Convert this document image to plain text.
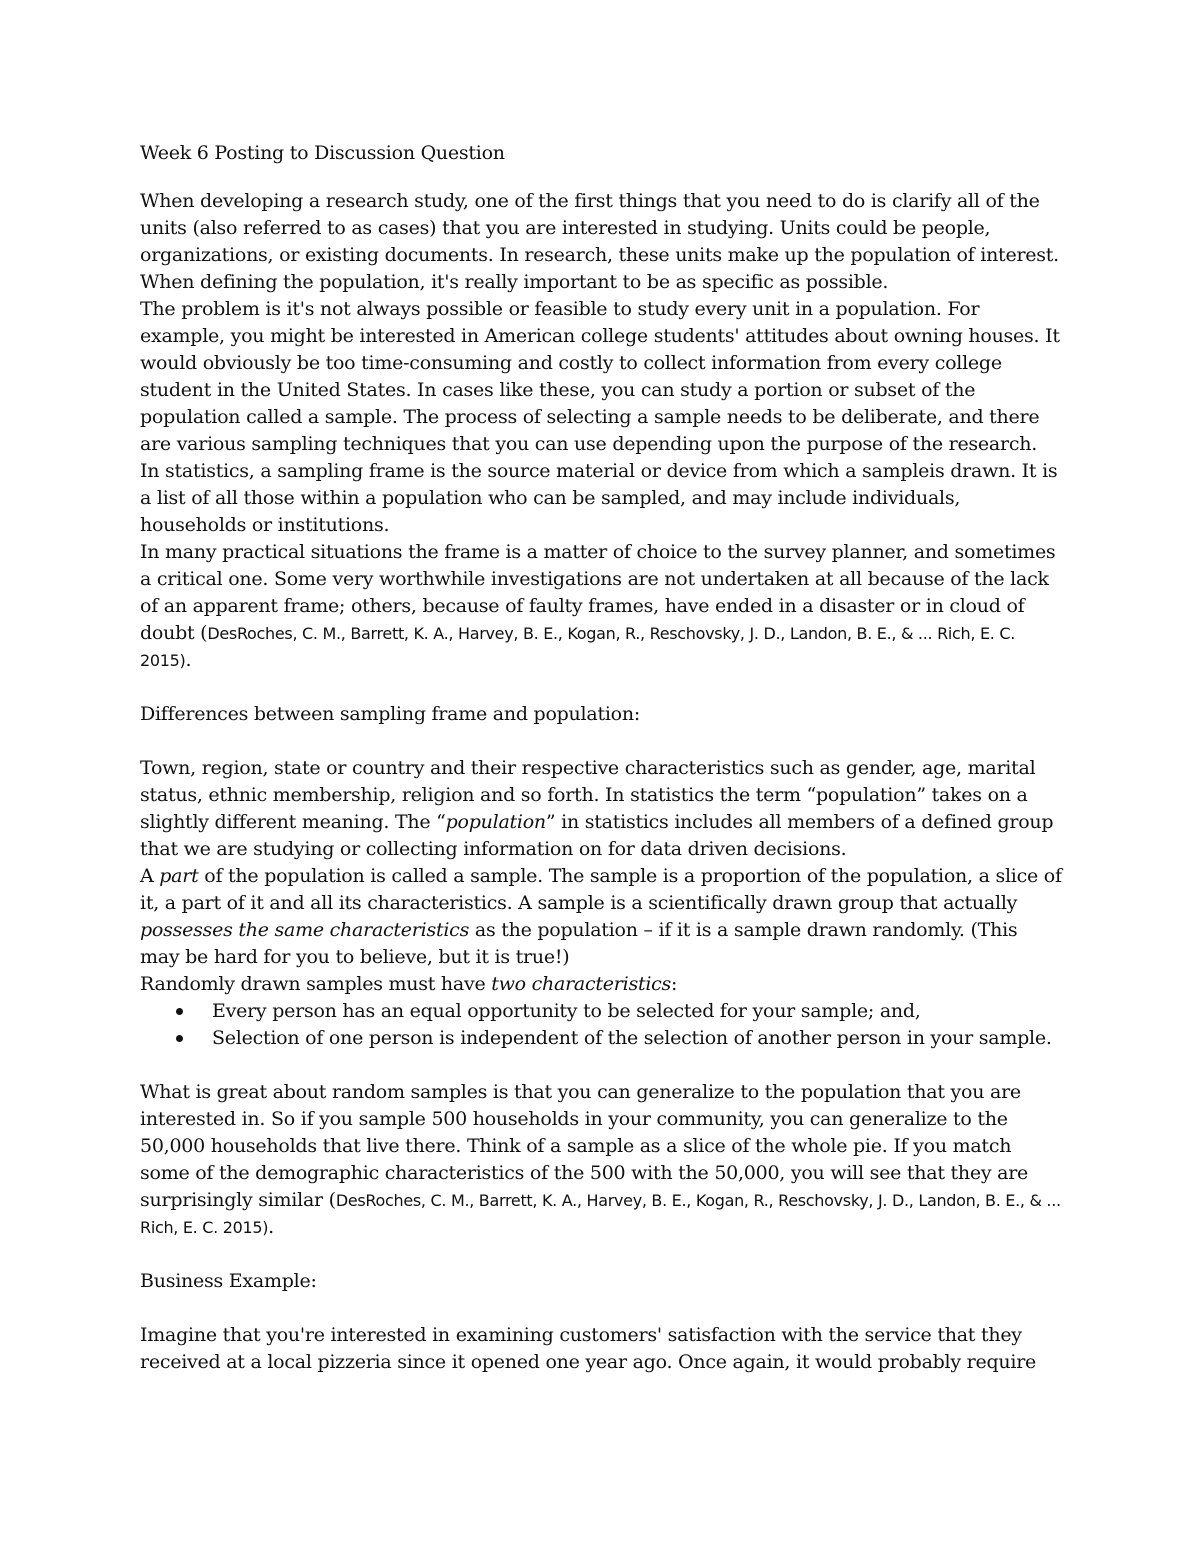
Week 6 Posting to Discussion Question

When developing a research study, one of the first things that you need to do is clarify all of the units (also referred to as cases) that you are interested in studying. Units could be people, organizations, or existing documents. In research, these units make up the population of interest. When defining the population, it's really important to be as specific as possible.

The problem is it's not always possible or feasible to study every unit in a population. For example, you might be interested in American college students' attitudes about owning houses. It would obviously be too time-consuming and costly to collect information from every college student in the United States. In cases like these, you can study a portion or subset of the population called a sample. The process of selecting a sample needs to be deliberate, and there are various sampling techniques that you can use depending upon the purpose of the research.

In statistics, a sampling frame is the source material or device from which a sampleis drawn. It is a list of all those within a population who can be sampled, and may include individuals, households or institutions.

In many practical situations the frame is a matter of choice to the survey planner, and sometimes a critical one. Some very worthwhile investigations are not undertaken at all because of the lack of an apparent frame; others, because of faulty frames, have ended in a disaster or in cloud of doubt (DesRoches, C. M., Barrett, K. A., Harvey, B. E., Kogan, R., Reschovsky, J. D., Landon, B. E., & ... Rich, E. C. 2015).

Differences between sampling frame and population:

Town, region, state or country and their respective characteristics such as gender, age, marital status, ethnic membership, religion and so forth. In statistics the term “population” takes on a slightly different meaning. The “population” in statistics includes all members of a defined group that we are studying or collecting information on for data driven decisions.

A part of the population is called a sample. The sample is a proportion of the population, a slice of it, a part of it and all its characteristics. A sample is a scientifically drawn group that actually possesses the same characteristics as the population – if it is a sample drawn randomly. (This may be hard for you to believe, but it is true!)

Randomly drawn samples must have two characteristics:

Every person has an equal opportunity to be selected for your sample; and,
Selection of one person is independent of the selection of another person in your sample.

What is great about random samples is that you can generalize to the population that you are interested in. So if you sample 500 households in your community, you can generalize to the 50,000 households that live there. Think of a sample as a slice of the whole pie. If you match some of the demographic characteristics of the 500 with the 50,000, you will see that they are surprisingly similar (DesRoches, C. M., Barrett, K. A., Harvey, B. E., Kogan, R., Reschovsky, J. D., Landon, B. E., & ... Rich, E. C. 2015).

Business Example:

Imagine that you're interested in examining customers' satisfaction with the service that they received at a local pizzeria since it opened one year ago. Once again, it would probably require
